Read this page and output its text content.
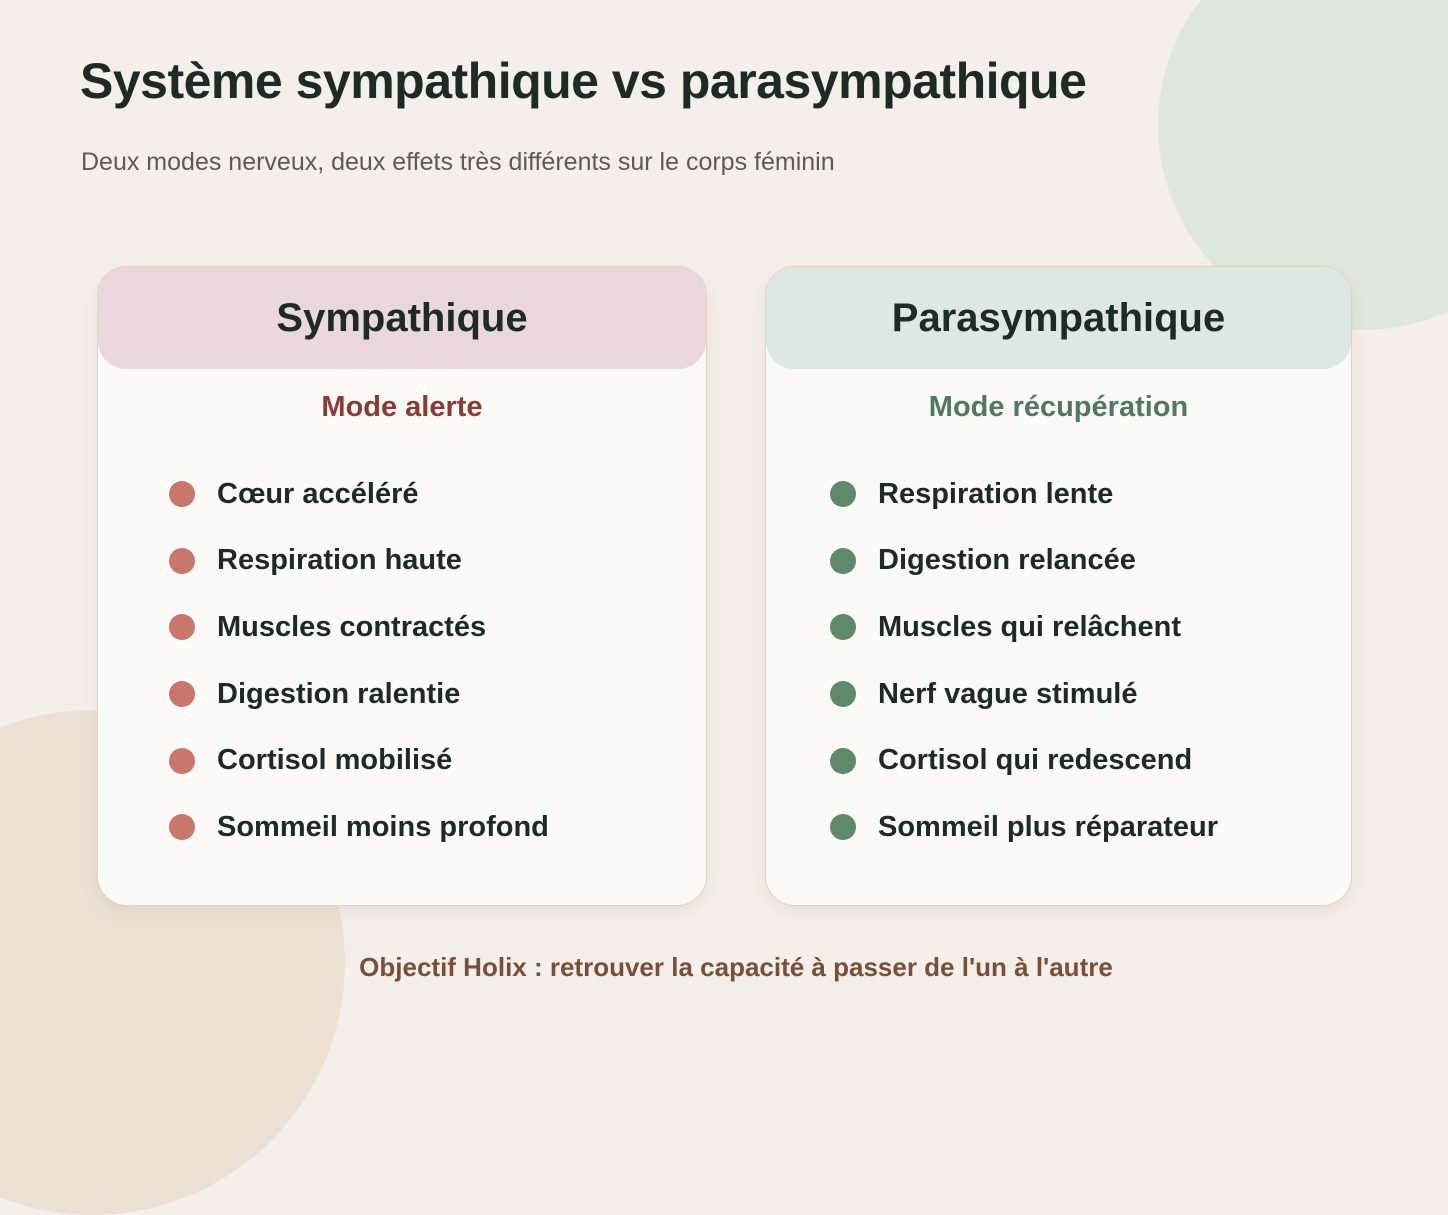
Système sympathique vs parasympathique

Deux modes nerveux, deux effets très différents sur le corps féminin

Sympathique
Mode alerte
Cœur accéléré
Respiration haute
Muscles contractés
Digestion ralentie
Cortisol mobilisé
Sommeil moins profond
Parasympathique
Mode récupération
Respiration lente
Digestion relancée
Muscles qui relâchent
Nerf vague stimulé
Cortisol qui redescend
Sommeil plus réparateur

Objectif Holix : retrouver la capacité à passer de l'un à l'autre
